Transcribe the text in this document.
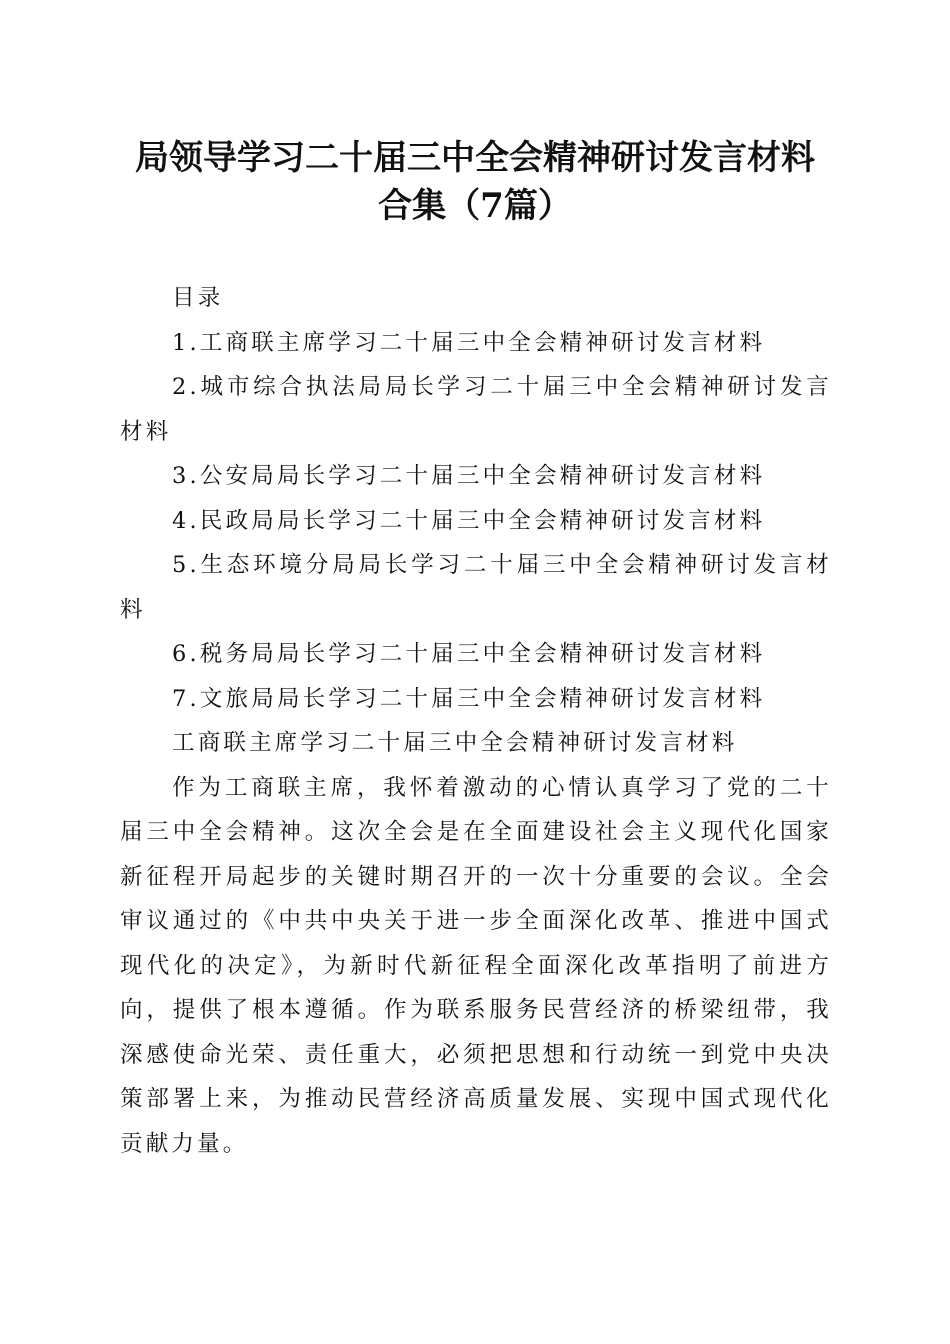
局领导学习二十届三中全会精神研讨发言材料
合集（7篇）

目录

1.工商联主席学习二十届三中全会精神研讨发言材料

2.城市综合执法局局长学习二十届三中全会精神研讨发言材料

3.公安局局长学习二十届三中全会精神研讨发言材料

4.民政局局长学习二十届三中全会精神研讨发言材料

5.生态环境分局局长学习二十届三中全会精神研讨发言材料

6.税务局局长学习二十届三中全会精神研讨发言材料

7.文旅局局长学习二十届三中全会精神研讨发言材料

工商联主席学习二十届三中全会精神研讨发言材料

作为工商联主席，我怀着激动的心情认真学习了党的二十届三中全会精神。这次全会是在全面建设社会主义现代化国家新征程开局起步的关键时期召开的一次十分重要的会议。全会审议通过的《中共中央关于进一步全面深化改革、推进中国式现代化的决定》，为新时代新征程全面深化改革指明了前进方向，提供了根本遵循。作为联系服务民营经济的桥梁纽带，我深感使命光荣、责任重大，必须把思想和行动统一到党中央决策部署上来，为推动民营经济高质量发展、实现中国式现代化贡献力量。
